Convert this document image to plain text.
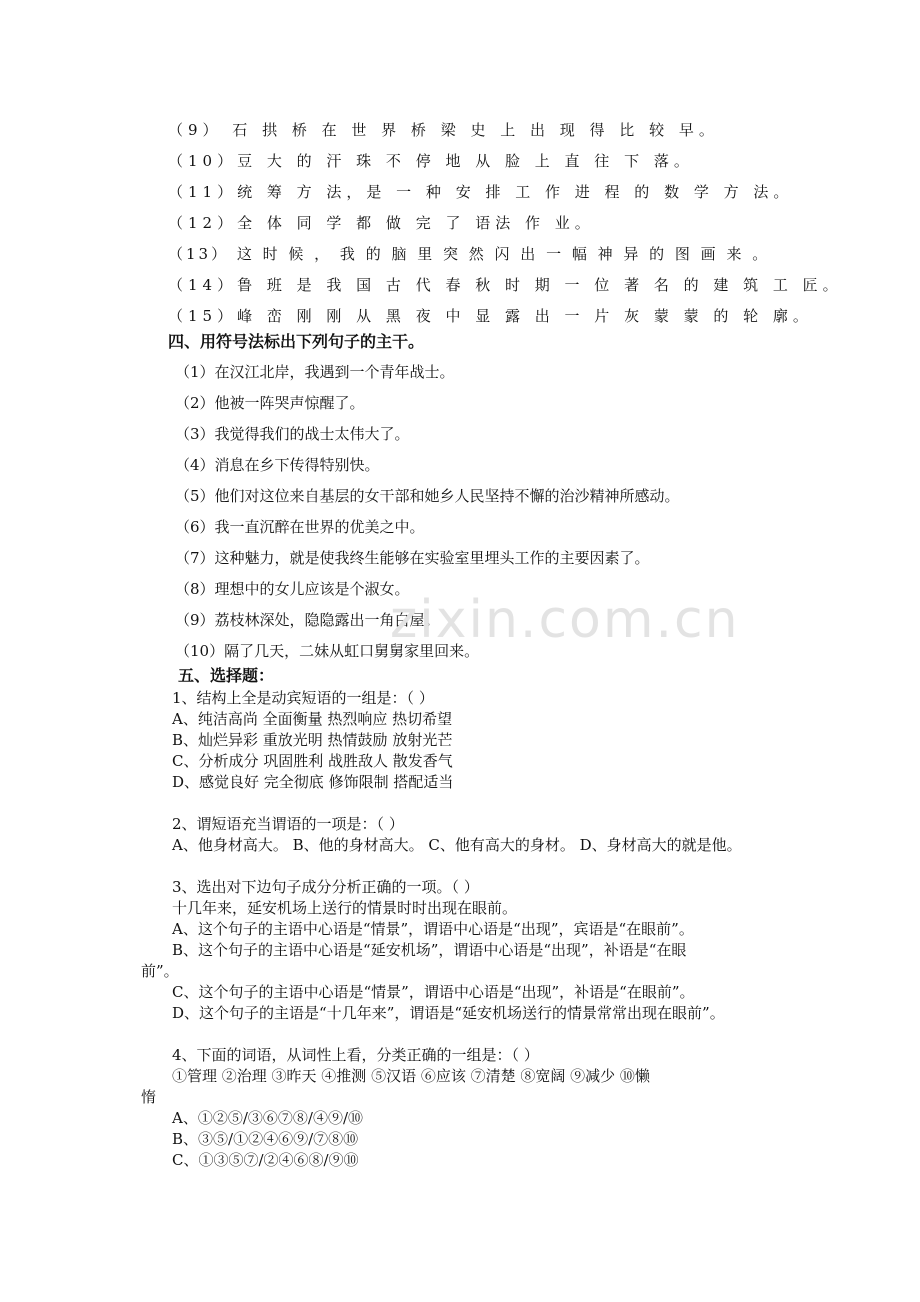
（9） 石 拱 桥 在 世 界 桥 梁 史 上 出 现 得 比 较 早。
（10）豆 大 的 汗 珠 不 停 地 从 脸 上 直 往 下 落。
（11）统 筹 方 法，是 一 种 安 排 工 作 进 程 的 数 学 方 法。
（12）全 体 同 学 都 做 完 了 语法 作 业。
（13） 这 时 候 ， 我 的 脑 里 突 然 闪 出 一 幅 神 异 的 图 画 来 。
（14）鲁 班 是 我 国 古 代 春 秋 时 期 一 位 著 名 的 建 筑 工 匠。
（15）峰 峦 刚 刚 从 黑 夜 中 显 露 出 一 片 灰 蒙 蒙 的 轮 廓。
四、用符号法标出下列句子的主干。
（1）在汉江北岸，我遇到一个青年战士。
（2）他被一阵哭声惊醒了。
（3）我觉得我们的战士太伟大了。
（4）消息在乡下传得特别快。
（5）他们对这位来自基层的女干部和她乡人民坚持不懈的治沙精神所感动。
（6）我一直沉醉在世界的优美之中。
（7）这种魅力，就是使我终生能够在实验室里埋头工作的主要因素了。
（8）理想中的女儿应该是个淑女。
（9）荔枝林深处，隐隐露出一角白屋。
（10）隔了几天，二妹从虹口舅舅家里回来。
五、选择题：
1、结构上全是动宾短语的一组是：（ ）
A、纯洁高尚 全面衡量 热烈响应 热切希望
B、灿烂异彩 重放光明 热情鼓励 放射光芒
C、分析成分 巩固胜利 战胜敌人 散发香气
D、感觉良好 完全彻底 修饰限制 搭配适当
2、谓短语充当谓语的一项是：（ ）
A、他身材高大。 B、他的身材高大。 C、他有高大的身材。 D、身材高大的就是他。
3、选出对下边句子成分分析正确的一项。（ ）
十几年来，延安机场上送行的情景时时出现在眼前。
A、这个句子的主语中心语是“情景”，谓语中心语是“出现”，宾语是“在眼前”。
B、这个句子的主语中心语是“延安机场”，谓语中心语是“出现”，补语是“在眼
前”。
C、这个句子的主语中心语是“情景”，谓语中心语是“出现”，补语是“在眼前”。
D、这个句子的主语是“十几年来”，谓语是“延安机场送行的情景常常出现在眼前”。
4、下面的词语，从词性上看，分类正确的一组是：（ ）
①管理 ②治理 ③昨天 ④推测 ⑤汉语 ⑥应该 ⑦清楚 ⑧宽阔 ⑨减少 ⑩懒
惰
A、①②⑤/③⑥⑦⑧/④⑨/⑩
B、③⑤/①②④⑥⑨/⑦⑧⑩
C、①③⑤⑦/②④⑥⑧/⑨⑩
zixin.com.cn
